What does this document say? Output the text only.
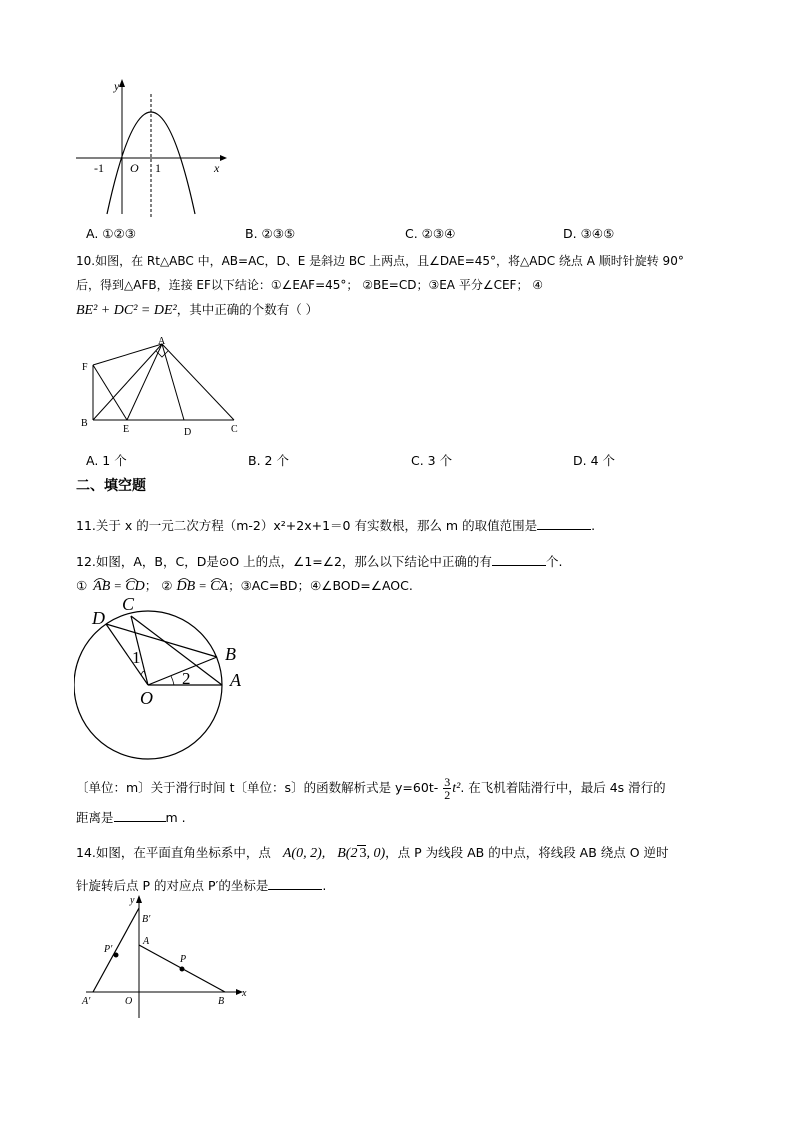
y
x
O
-1	1
A. ①②③	B. ②③⑤	C. ②③④	D. ③④⑤
10.如图，在 Rt△ABC 中，AB=AC，D、E 是斜边 BC 上两点，且∠DAE=45°，将△ADC 绕点 A 顺时针旋转 90°
后，得到△AFB，连接 EF以下结论：①∠EAF=45°； ②BE=CD；③EA 平分∠CEF； ④
BE² + DC² = DE²，其中正确的个数有（ ）
A
F
B
E	D	C
A. 1 个	B. 2 个	C. 3 个	D. 4 个
二、填空题
11.关于 x 的一元二次方程（m-2）x²+2x+1＝0 有实数根，那么 m 的取值范围是	.
12.如图，A，B，C，D是⊙O 上的点，∠1=∠2，那么以下结论中正确的有	个.
① AB = CD； ② DB = CA；③AC=BD；④∠BOD=∠AOC.
D
C
B
A
O
1
2
〔单位：m〕关于滑行时间 t〔单位：s〕的函数解析式是 $y=60t- \frac{3}{2} t^2$. 在飞机着陆滑行中，最后 4s 滑行的
距离是	m .
14.如图，在平面直角坐标系中，点 A(0, 2), B(2 3, 0)，点 P 为线段 AB 的中点，将线段 AB 绕点 O 逆时
针旋转后点 P 的对应点 P′的坐标是	.
y
x
B′
A
P′
P
A′	O	B
